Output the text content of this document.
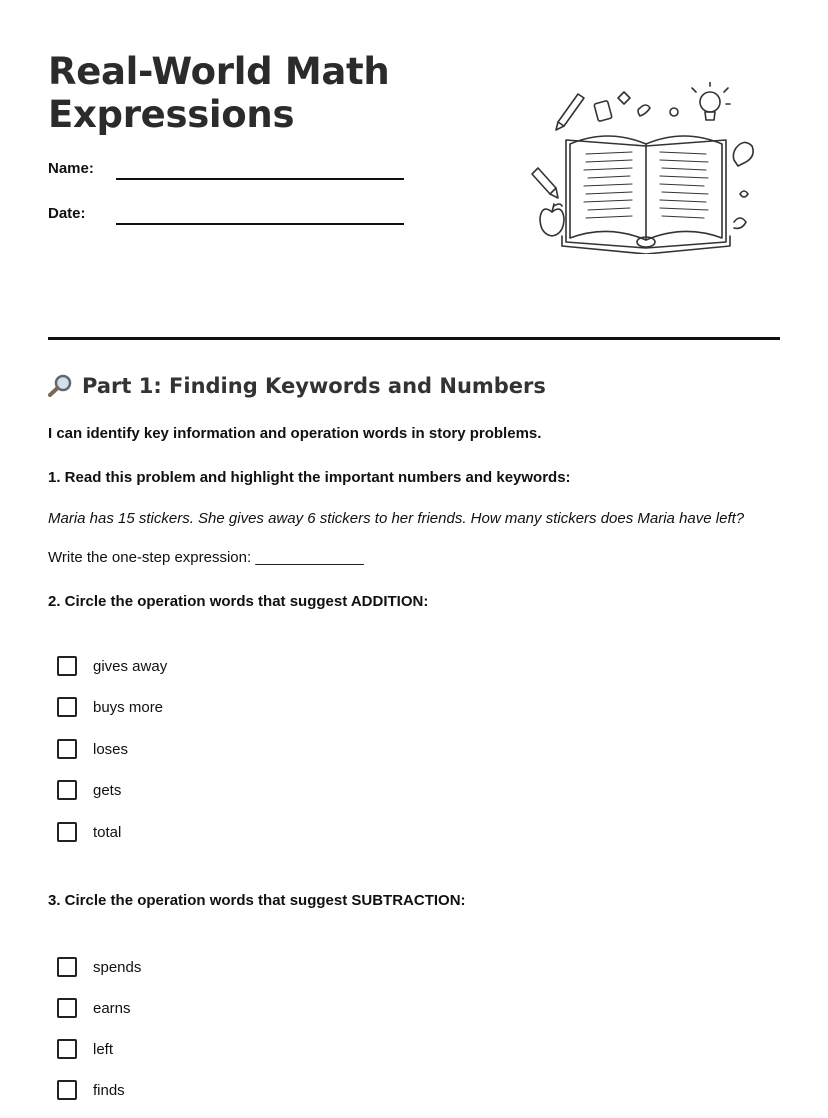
Real-World Math Expressions
Name:
Date:
Part 1: Finding Keywords and Numbers
I can identify key information and operation words in story problems.
1. Read this problem and highlight the important numbers and keywords:
Maria has 15 stickers. She gives away 6 stickers to her friends. How many stickers does Maria have left?
Write the one-step expression: _____________
2. Circle the operation words that suggest ADDITION:
gives away
buys more
loses
gets
total
3. Circle the operation words that suggest SUBTRACTION:
spends
earns
left
finds
